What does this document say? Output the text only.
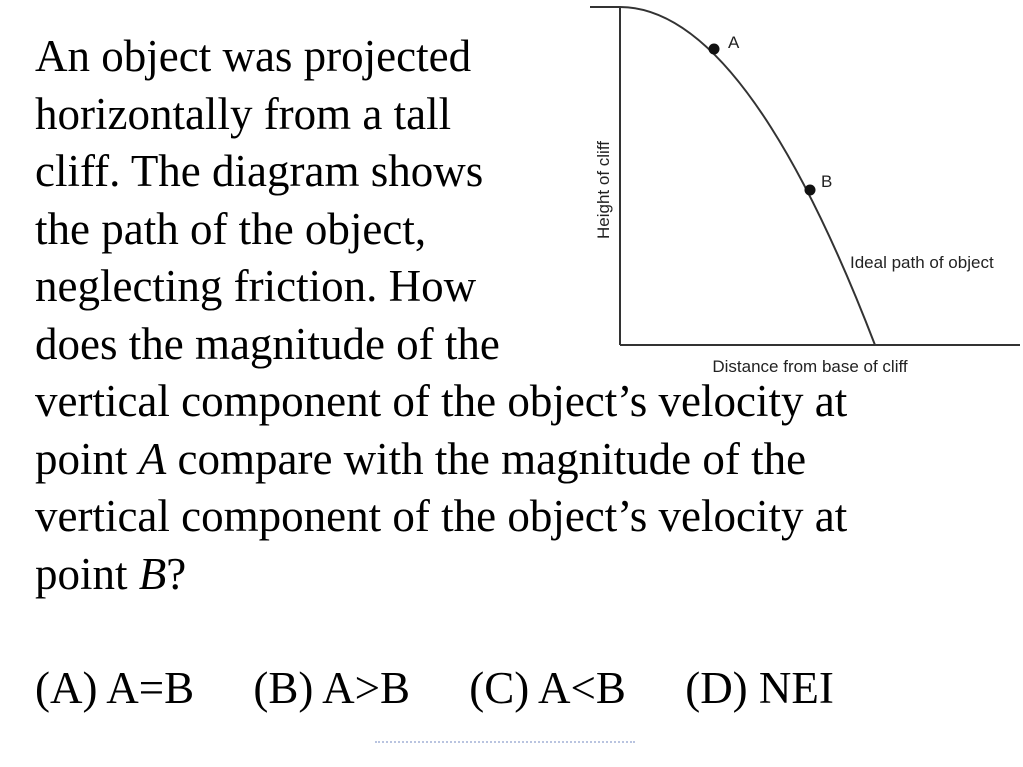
An object was projected
horizontally from a tall
cliff. The diagram shows
the path of the object,
neglecting friction. How
does the magnitude of the
vertical component of the object’s velocity at
point A compare with the magnitude of the
vertical component of the object’s velocity at
point B?
(A) A=B (B) A>B (C) A<B (D) NEI
A
B
Ideal path of object
Height of cliff
Distance from base of cliff
